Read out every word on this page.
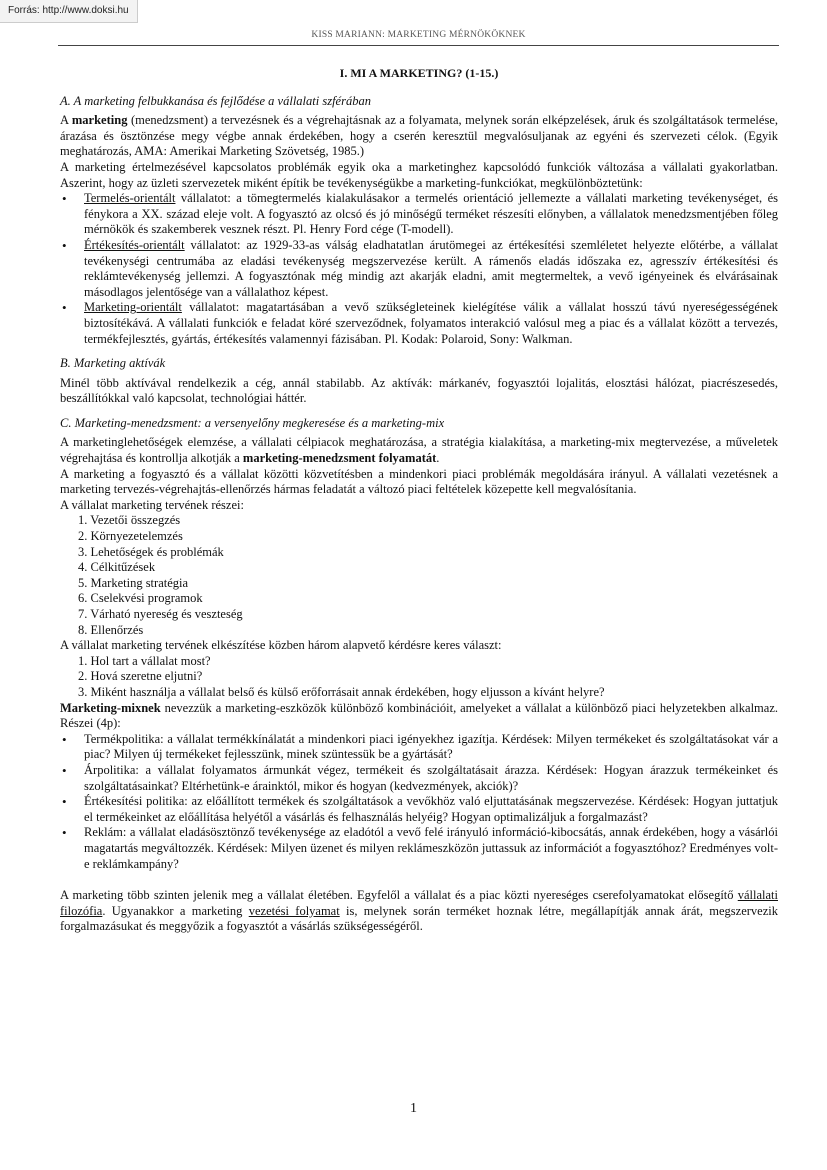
Forrás: http://www.doksi.hu
KISS MARIANN: MARKETING MÉRNÖKÖKNEK

I. MI A MARKETING? (1-15.)

A. A marketing felbukkanása és fejlődése a vállalati szférában

A marketing (menedzsment) a tervezésnek és a végrehajtásnak az a folyamata, melynek során elképzelések, áruk és szolgáltatások termelése, árazása és ösztönzése megy végbe annak érdekében, hogy a cserén keresztül megvalósuljanak az egyéni és szervezeti célok. (Egyik meghatározás, AMA: Amerikai Marketing Szövetség, 1985.)

A marketing értelmezésével kapcsolatos problémák egyik oka a marketinghez kapcsolódó funkciók változása a vállalati gyakorlatban. Aszerint, hogy az üzleti szervezetek miként építik be tevékenységükbe a marketing-funkciókat, megkülönböztetünk:

• Termelés-orientált vállalatot: a tömegtermelés kialakulásakor a termelés orientáció jellemezte a vállalati marketing tevékenységet, és fénykora a XX. század eleje volt. A fogyasztó az olcsó és jó minőségű terméket részesíti előnyben, a vállalatok menedzsmentjében főleg mérnökök és szakemberek vesznek részt. Pl. Henry Ford cége (T-modell).
• Értékesítés-orientált vállalatot: az 1929-33-as válság eladhatatlan árutömegei az értékesítési szemléletet helyezte előtérbe, a vállalat tevékenységi centrumába az eladási tevékenység megszervezése került. A rámenős eladás időszaka ez, agresszív értékesítési és reklámtevékenység jellemzi. A fogyasztónak még mindig azt akarják eladni, amit megtermeltek, a vevő igényeinek és elvárásainak másodlagos jelentősége van a vállalathoz képest.
• Marketing-orientált vállalatot: magatartásában a vevő szükségleteinek kielégítése válik a vállalat hosszú távú nyereségességének biztosítékává. A vállalati funkciók e feladat köré szerveződnek, folyamatos interakció valósul meg a piac és a vállalat között a tervezés, termékfejlesztés, gyártás, értékesítés valamennyi fázisában. Pl. Kodak: Polaroid, Sony: Walkman.

B. Marketing aktívák

Minél több aktívával rendelkezik a cég, annál stabilabb. Az aktívák: márkanév, fogyasztói lojalitás, elosztási hálózat, piacrészesedés, beszállítókkal való kapcsolat, technológiai háttér.

C. Marketing-menedzsment: a versenyelőny megkeresése és a marketing-mix

A marketinglehetőségek elemzése, a vállalati célpiacok meghatározása, a stratégia kialakítása, a marketing-mix megtervezése, a műveletek végrehajtása és kontrollja alkotják a marketing-menedzsment folyamatát.

A marketing a fogyasztó és a vállalat közötti közvetítésben a mindenkori piaci problémák megoldására irányul. A vállalati vezetésnek a marketing tervezés-végrehajtás-ellenőrzés hármas feladatát a változó piaci feltételek közepette kell megvalósítania.

A vállalat marketing tervének részei:

1. Vezetői összegzés
2. Környezetelemzés
3. Lehetőségek és problémák
4. Célkitűzések
5. Marketing stratégia
6. Cselekvési programok
7. Várható nyereség és veszteség
8. Ellenőrzés

A vállalat marketing tervének elkészítése közben három alapvető kérdésre keres választ:

1. Hol tart a vállalat most?
2. Hová szeretne eljutni?
3. Miként használja a vállalat belső és külső erőforrásait annak érdekében, hogy eljusson a kívánt helyre?

Marketing-mixnek nevezzük a marketing-eszközök különböző kombinációit, amelyeket a vállalat a különböző piaci helyzetekben alkalmaz. Részei (4p):

• Termékpolitika: a vállalat termékkínálatát a mindenkori piaci igényekhez igazítja. Kérdések: Milyen termékeket és szolgáltatásokat vár a piac? Milyen új termékeket fejlesszünk, minek szüntessük be a gyártását?
• Árpolitika: a vállalat folyamatos ármunkát végez, termékeit és szolgáltatásait árazza. Kérdések: Hogyan árazzuk termékeinket és szolgáltatásainkat? Eltérhetünk-e árainktól, mikor és hogyan (kedvezmények, akciók)?
• Értékesítési politika: az előállított termékek és szolgáltatások a vevőkhöz való eljuttatásának megszervezése. Kérdések: Hogyan juttatjuk el termékeinket az előállítása helyétől a vásárlás és felhasználás helyéig? Hogyan optimalizáljuk a forgalmazást?
• Reklám: a vállalat eladásösztönző tevékenysége az eladótól a vevő felé irányuló információ-kibocsátás, annak érdekében, hogy a vásárlói magatartás megváltozzék. Kérdések: Milyen üzenet és milyen reklámeszközön juttassuk az információt a fogyasztóhoz? Eredményes volt-e reklámkampány?

A marketing több szinten jelenik meg a vállalat életében. Egyfelől a vállalat és a piac közti nyereséges cserefolyamatokat elősegítő vállalati filozófia. Ugyanakkor a marketing vezetési folyamat is, melynek során terméket hoznak létre, megállapítják annak árát, megszervezik forgalmazásukat és meggyőzik a fogyasztót a vásárlás szükségességéről.

1
